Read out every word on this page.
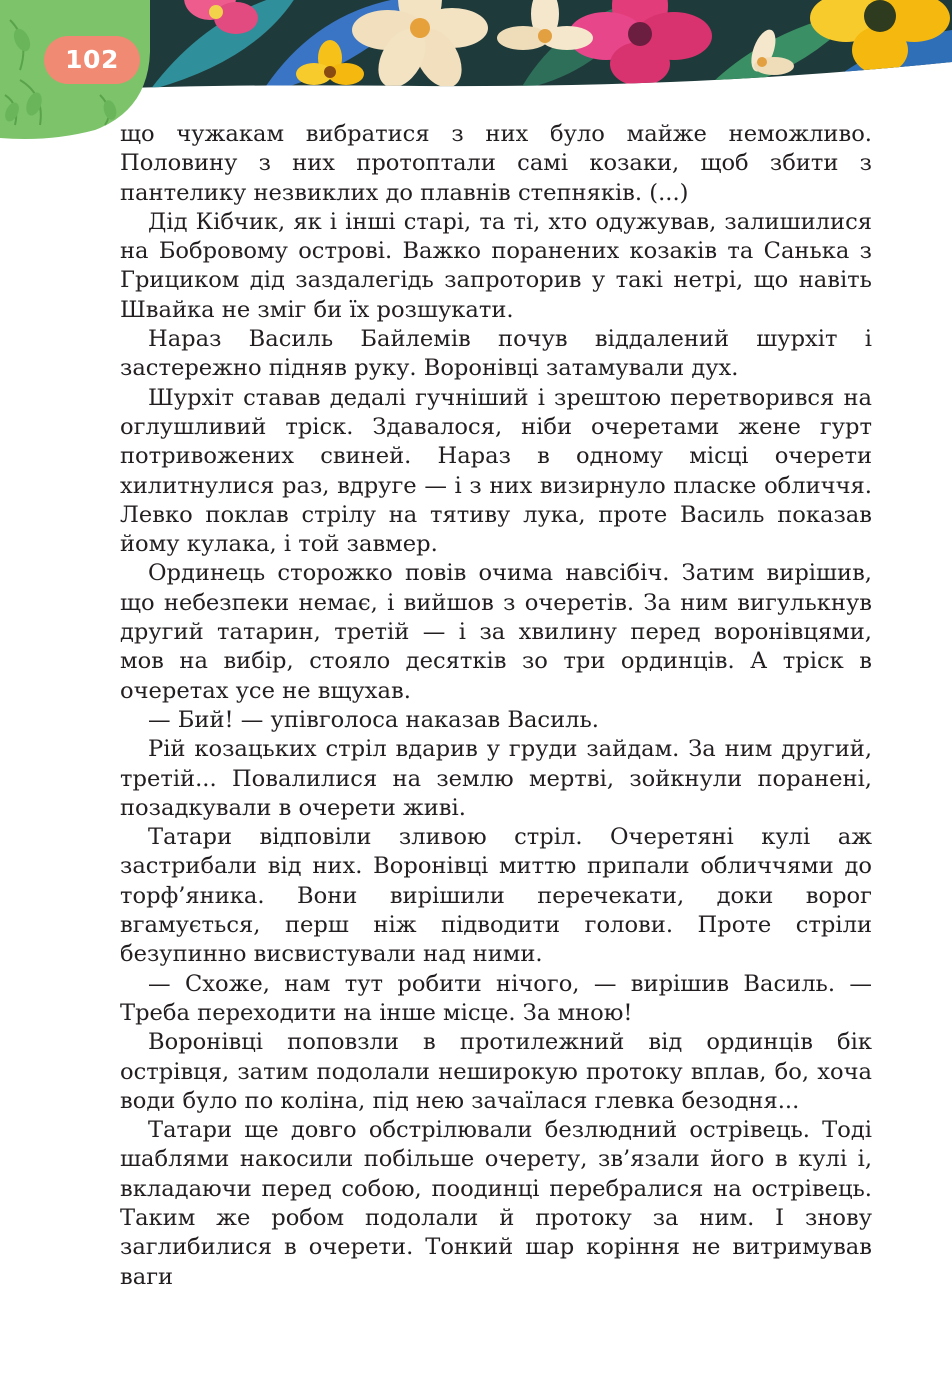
102

що чужакам вибратися з них було майже неможливо. Половину з них протоптали самі козаки, щоб збити з пантелику незвиклих до плавнів степняків. (...)

Дід Кібчик, як і інші старі, та ті, хто одужував, залишилися на Бобровому острові. Важко поранених козаків та Санька з Грициком дід заздалегідь запроторив у такі нетрі, що навіть Швайка не зміг би їх розшукати.

Нараз Василь Байлемів почув віддалений шурхіт і застережно підняв руку. Воронівці затамували дух.

Шурхіт ставав дедалі гучніший і зрештою перетворився на оглушливий тріск. Здавалося, ніби очеретами жене гурт потривожених свиней. Нараз в одному місці очерети хилитнулися раз, вдруге — і з них визирнуло пласке обличчя. Левко поклав стрілу на тятиву лука, проте Василь показав йому кулака, і той завмер.

Ординець сторожко повів очима навсібіч. Затим вирішив, що небезпеки немає, і вийшов з очеретів. За ним вигулькнув другий татарин, третій — і за хвилину перед воронівцями, мов на вибір, стояло десятків зо три ординців. А тріск в очеретах усе не вщухав.

— Бий! — упівголоса наказав Василь.

Рій козацьких стріл вдарив у груди зайдам. За ним другий, третій... Повалилися на землю мертві, зойкнули поранені, позадкували в очерети живі.

Татари відповіли зливою стріл. Очеретяні кулі аж застрибали від них. Воронівці миттю припали обличчями до торф’яника. Вони вирішили перечекати, доки ворог вгамується, перш ніж підводити голови. Проте стріли безупинно висвистували над ними.

— Схоже, нам тут робити нічого, — вирішив Василь. — Треба переходити на інше місце. За мною!

Воронівці поповзли в протилежний від ординців бік острівця, затим подолали неширокую протоку вплав, бо, хоча води було по коліна, під нею зачаїлася глевка безодня...

Татари ще довго обстрілювали безлюдний острівець. Тоді шаблями накосили побільше очерету, зв’язали його в кулі і, вкладаючи перед собою, поодинці перебралися на острівець. Таким же робом подолали й протоку за ним. І знову заглибилися в очерети. Тонкий шар коріння не витримував ваги
